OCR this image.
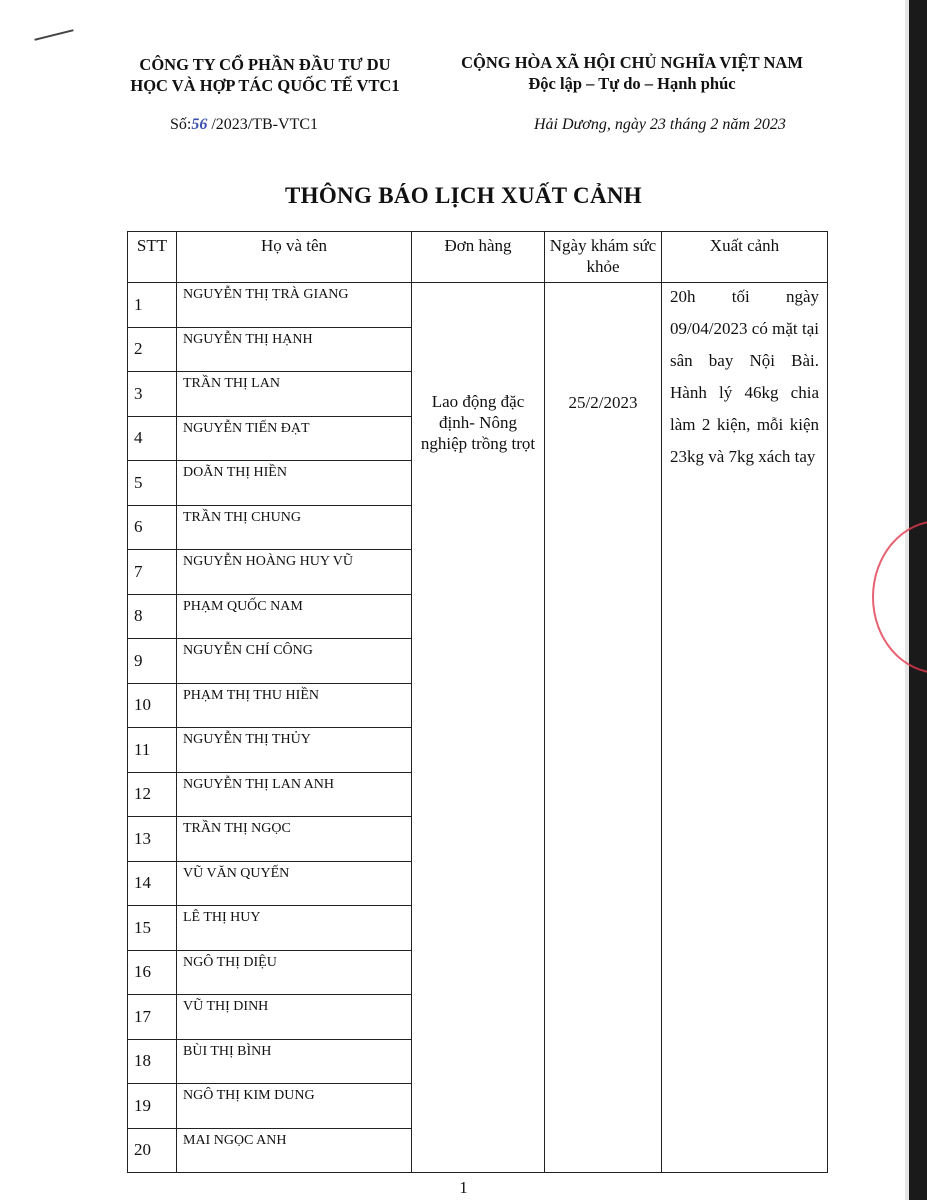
CÔNG TY CỔ PHẦN ĐẦU TƯ DU
HỌC VÀ HỢP TÁC QUỐC TẾ VTC1
CỘNG HÒA XÃ HỘI CHỦ NGHĨA VIỆT NAM
Độc lập – Tự do – Hạnh phúc
Số:56 /2023/TB-VTC1	Hải Dương, ngày 23 tháng 2 năm 2023
THÔNG BÁO LỊCH XUẤT CẢNH
STT	Họ và tên	Đơn hàng	Ngày khám sức khỏe	Xuất cảnh
1	NGUYỄN THỊ TRÀ GIANG	Lao động đặc định- Nông nghiệp trồng trọt	25/2/2023	20h tối ngày 09/04/2023 có mặt tại sân bay Nội Bài. Hành lý 46kg chia làm 2 kiện, mỗi kiện 23kg và 7kg xách tay

2	NGUYỄN THỊ HẠNH			
3	TRẦN THỊ LAN			
4	NGUYỄN TIẾN ĐẠT			
5	DOÃN THỊ HIỀN			
6	TRẦN THỊ CHUNG			
7	NGUYỄN HOÀNG HUY VŨ			
8	PHẠM QUỐC NAM			
9	NGUYỄN CHÍ CÔNG			
10	PHẠM THỊ THU HIỀN			
11	NGUYỄN THỊ THỦY			
12	NGUYỄN THỊ LAN ANH			
13	TRẦN THỊ NGỌC			
14	VŨ VĂN QUYẾN			
15	LÊ THỊ HUY			
16	NGÔ THỊ DIỆU			
17	VŨ THỊ DINH			
18	BÙI THỊ BÌNH			
19	NGÔ THỊ KIM DUNG			
20	MAI NGỌC ANH			
1
